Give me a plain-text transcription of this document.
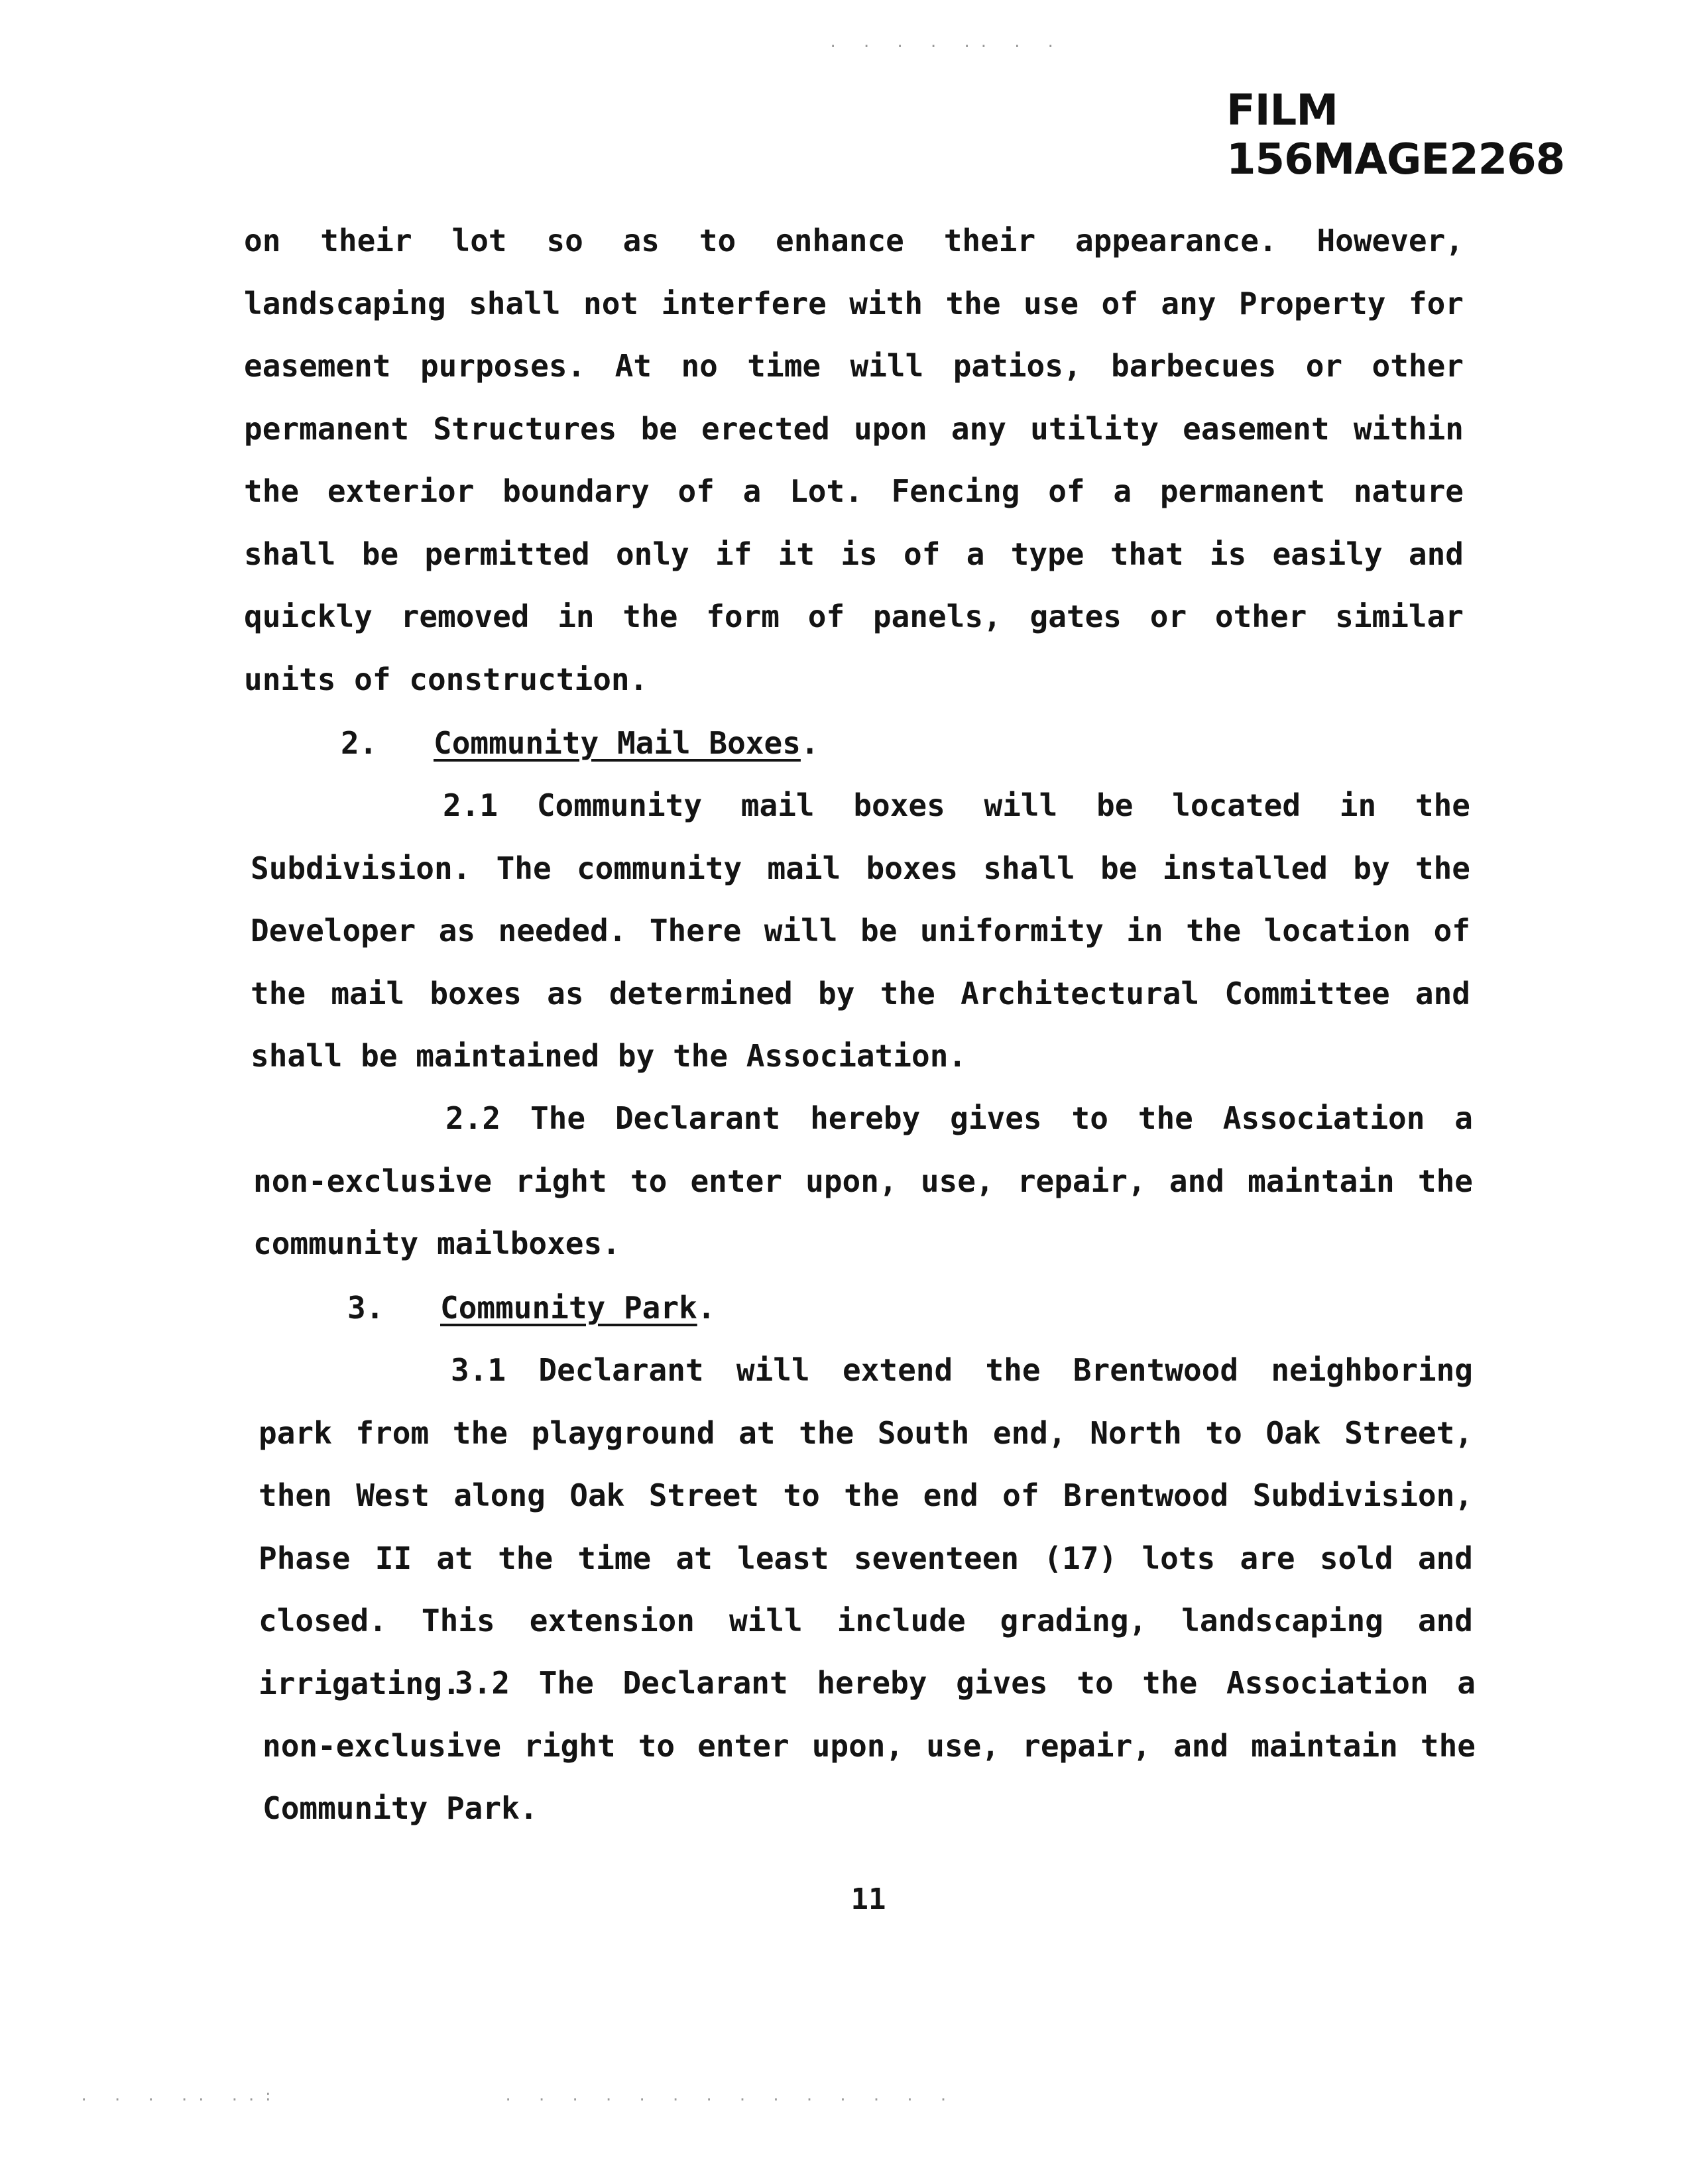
FILM 156MAGE2268
on their lot so as to enhance their appearance. However, landscaping shall not interfere with the use of any Property for easement purposes. At no time will patios, barbecues or other permanent Structures be erected upon any utility easement within the exterior boundary of a Lot. Fencing of a permanent nature shall be permitted only if it is of a type that is easily and quickly removed in the form of panels, gates or other similar units of construction.
2. Community Mail Boxes.
2.1 Community mail boxes will be located in the Subdivision. The community mail boxes shall be installed by the Developer as needed. There will be uniformity in the location of the mail boxes as determined by the Architectural Committee and shall be maintained by the Association.
2.2 The Declarant hereby gives to the Association a non-exclusive right to enter upon, use, repair, and maintain the community mailboxes.
3. Community Park.
3.1 Declarant will extend the Brentwood neighboring park from the playground at the South end, North to Oak Street, then West along Oak Street to the end of Brentwood Subdivision, Phase II at the time at least seventeen (17) lots are sold and closed. This extension will include grading, landscaping and irrigating.
3.2 The Declarant hereby gives to the Association a non-exclusive right to enter upon, use, repair, and maintain the Community Park.
11
. . . . .. . .
. . . .. ..:	. . . . . . . . . . . . . .
